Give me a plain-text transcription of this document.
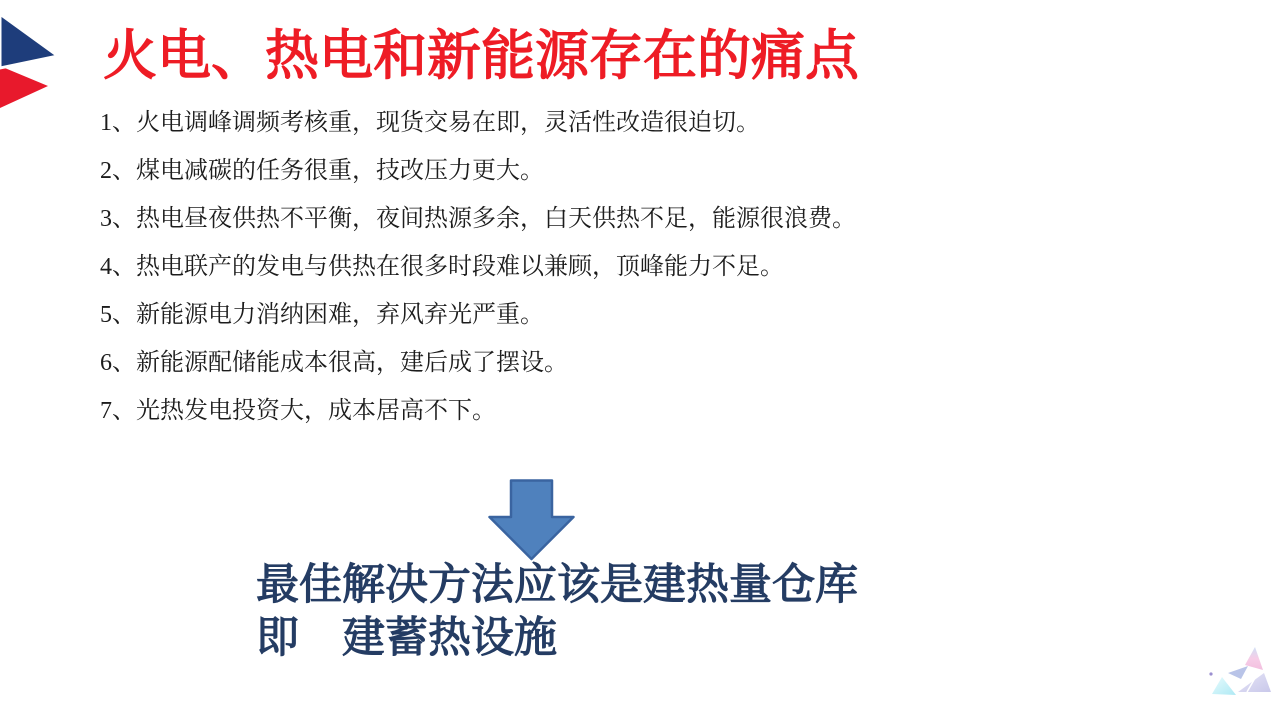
火电、热电和新能源存在的痛点
1、火电调峰调频考核重，现货交易在即，灵活性改造很迫切。
2、煤电减碳的任务很重，技改压力更大。
3、热电昼夜供热不平衡，夜间热源多余，白天供热不足，能源很浪费。
4、热电联产的发电与供热在很多时段难以兼顾，顶峰能力不足。
5、新能源电力消纳困难，弃风弃光严重。
6、新能源配储能成本很高，建后成了摆设。
7、光热发电投资大，成本居高不下。
最佳解决方法应该是建热量仓库
即　建蓄热设施
